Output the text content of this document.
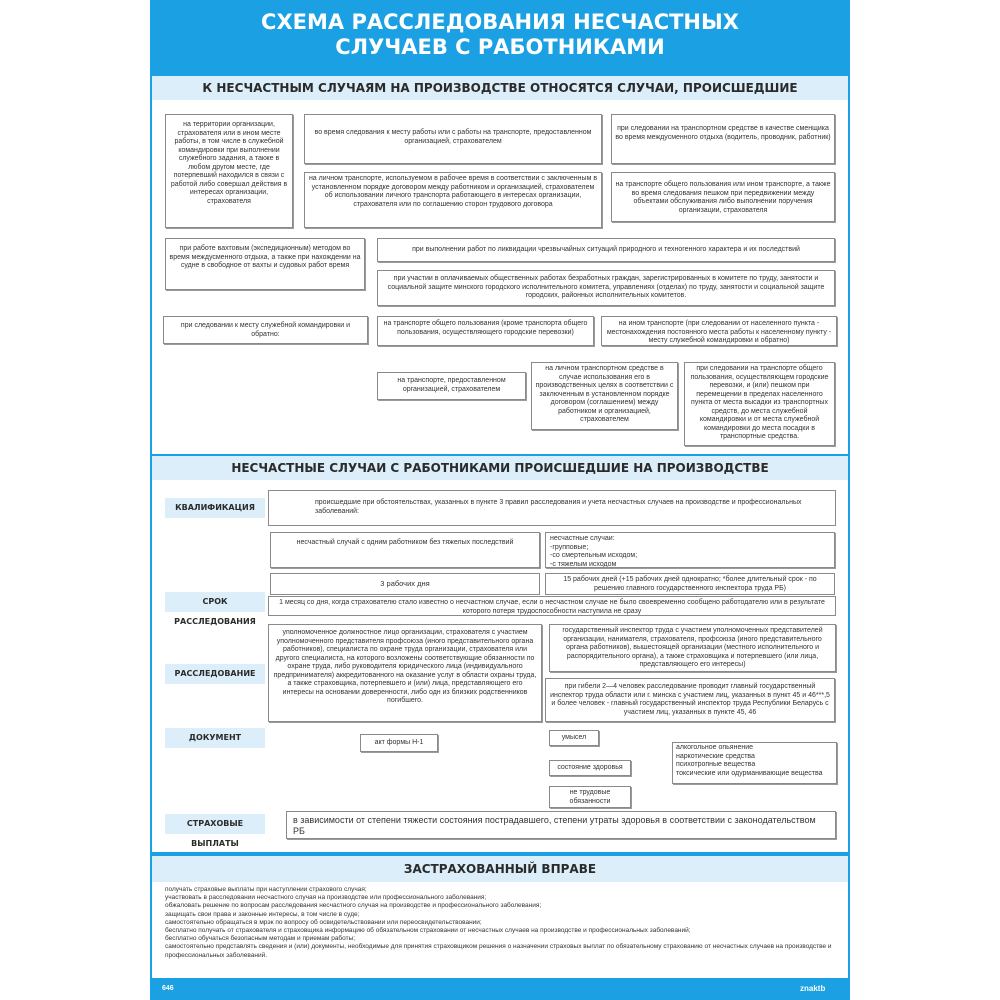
СХЕМА РАССЛЕДОВАНИЯ НЕСЧАСТНЫХ
СЛУЧАЕВ С РАБОТНИКАМИ
К НЕСЧАСТНЫМ СЛУЧАЯМ НА ПРОИЗВОДСТВЕ ОТНОСЯТСЯ СЛУЧАИ, ПРОИСШЕДШИЕ
на территории организации, страхователя или в ином месте работы, в том числе в служебной командировки при выполнении служебного задания, а также в любом другом месте, где потерпевший находился в связи с работой либо совершал действия в интересах организации, страхователя
во время следования к месту работы или с работы на транспорте, предоставленном организацией, страхователем
при следовании на транспортном средстве в качестве сменщика во время междусменного отдыха (водитель, проводник, работник)
на личном транспорте, используемом в рабочее время в соответствии с заключенным в установленном порядке договором между работником и организацией, страхователем об использовании личного транспорта работающего в интересах организации, страхователя или по соглашению сторон трудового договора
на транспорте общего пользования или ином транспорте, а также во время следования пешком при передвижении между объектами обслуживания либо выполнении поручения организации, страхователя
при работе вахтовым (экспедиционным) методом во время междусменного отдыха, а также при нахождении на судне в свободное от вахты и судовых работ время
при выполнении работ по ликвидации чрезвычайных ситуаций природного и техногенного характера и их последствий
при участии в оплачиваемых общественных работах безработных граждан, зарегистрированных в комитете по труду, занятости и социальной защите минского городского исполнительного комитета, управлениях (отделах) по труду, занятости и социальной защите городских, районных исполнительных комитетов.
при следовании к месту служебной командировки и обратно:
на транспорте общего пользования (кроме транспорта общего пользования, осуществляющего городские перевозки)
на ином транспорте (при следовании от населенного пункта - местонахождения постоянного места работы к населенному пункту - месту служебной командировки и обратно)
на транспорте, предоставленном организацией, страхователем
на личном транспортном средстве в случае использования его в производственных целях в соответствии с заключенным в установленном порядке договором (соглашением) между работником и организацией, страхователем
при следовании на транспорте общего пользования, осуществляющем городские перевозки, и (или) пешком при перемещении в пределах населенного пункта от места высадки из транспортных средств, до места служебной командировки и от места служебной командировки до места посадки в транспортные средства.
НЕСЧАСТНЫЕ СЛУЧАИ С РАБОТНИКАМИ ПРОИСШЕДШИЕ НА ПРОИЗВОДСТВЕ
КВАЛИФИКАЦИЯ
происшедшие при обстоятельствах, указанных в пункте 3 правил расследования и учета несчастных случаев на производстве и профессиональных заболеваний:
несчастный случай с одним работником без тяжелых последствий
несчастные случаи:
-групповые;
-со смертельным исходом;
-с тяжелым исходом
СРОК РАССЛЕДОВАНИЯ
3 рабочих дня	15 рабочих дней (+15 рабочих дней однократно; *более длительный срок - по решению главного государственного инспектора труда РБ)
1 месяц со дня, когда страхователю стало известно о несчастном случае, если о несчастном случае не было своевременно сообщено работодателю или в результате которого потеря трудоспособности наступила не сразу
РАССЛЕДОВАНИЕ
уполномоченное должностное лицо организации, страхователя с участием уполномоченного представителя профсоюза (иного представительного органа работников), специалиста по охране труда организации, страхователя или другого специалиста, на которого возложены соответствующие обязанности по охране труда, либо руководителя юридического лица (индивидуального предпринимателя) аккредитованного на оказание услуг в области охраны труда, а также страховщика, потерпевшего и (или) лица, представляющего его интересы на основании доверенности, либо одн из близких родственников погибшего.
государственный инспектор труда с участием уполномоченных представителей организации, нанимателя, страхователя, профсоюза (иного представительного органа работников), вышестоящей организации (местного исполнительного и распорядительного органа), а также страховщика и потерпевшего (или лица, представляющего его интересы)
при гибели 2—4 человек расследование проводит главный государственный инспектор труда области или г. минска с участием лиц, указанных в пункт 45 и 46***,5 и более человек - главный государственный инспектор труда Республики Беларусь с участием лиц, указанных в пункте 45, 46
ДОКУМЕНТ
акт формы Н-1
умысел
состояние здоровья
не трудовые обязанности
алкогольное опьянение
наркотические средства
психотропные вещества
токсические или одурманивающие вещества
СТРАХОВЫЕ ВЫПЛАТЫ
в зависимости от степени тяжести состояния пострадавшего, степени утраты здоровья в соответствии с законодательством РБ
ЗАСТРАХОВАННЫЙ ВПРАВЕ
получать страховые выплаты при наступлении страхового случая;
участвовать в расследовании несчастного случая на производстве или профессионального заболевания;
обжаловать решение по вопросам расследования несчастного случая на производстве и профессионального заболевания;
защищать свои права и законные интересы, в том числе в суде;
самостоятельно обращаться в мрэк по вопросу об освидетельствовании или переосвидетельствовании;
бесплатно получать от страхователя и страховщика информацию об обязательном страховании от несчастных случаев на производстве и профессиональных заболеваний;
бесплатно обучаться безопасным методам и приемам работы;
самостоятельно представлять сведения и (или) документы, необходимые для принятия страховщиком решения о назначении страховых выплат по обязательному страхованию от несчастных случаев на производстве и профессиональных заболеваний.
646	znaktb
